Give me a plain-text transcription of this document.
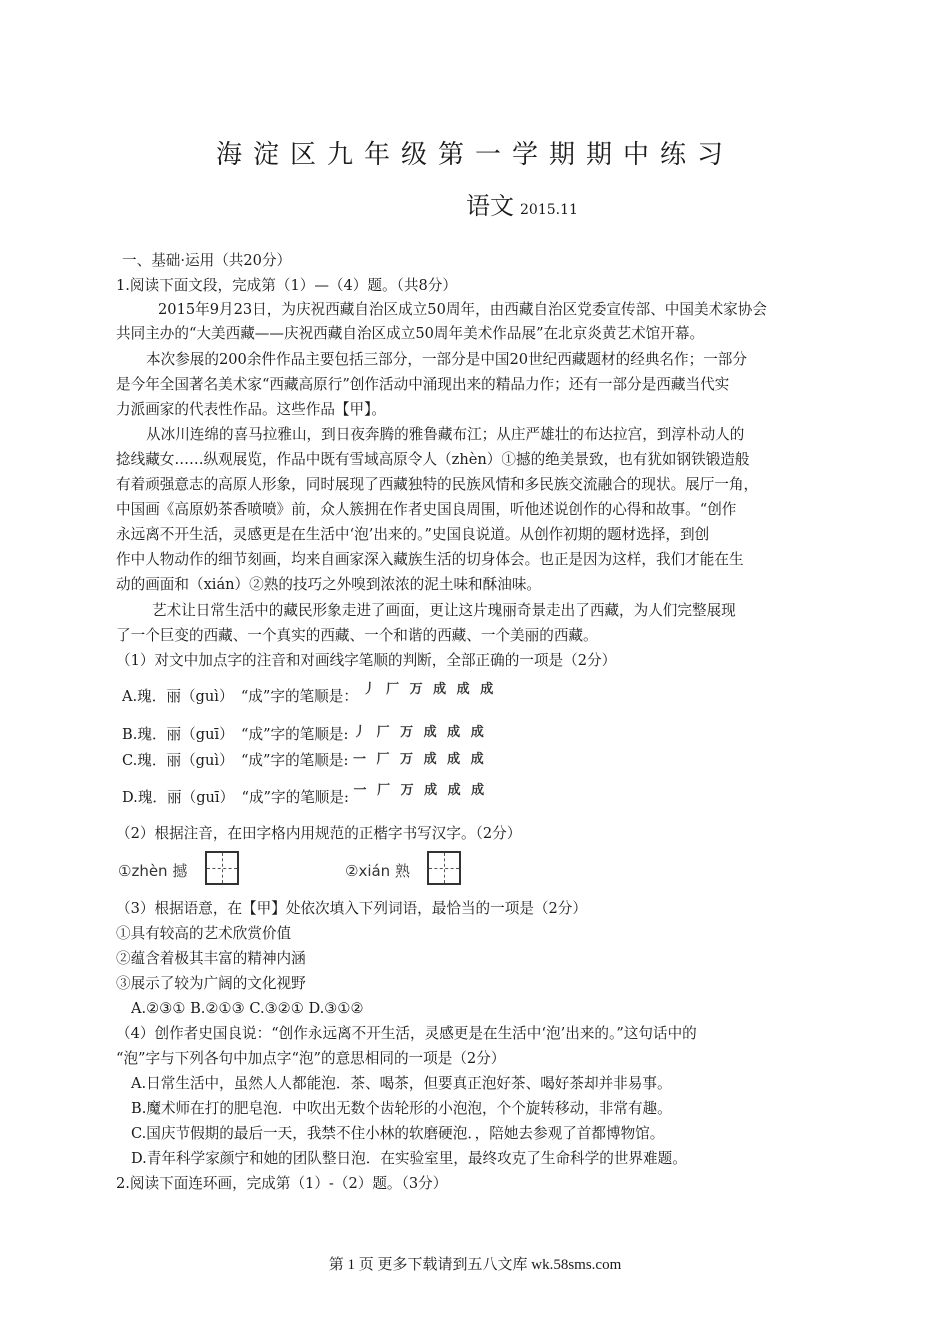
海淀区九年级第一学期期中练习
语文 2015.11
一、基础·运用（共20分）
1.阅读下面文段，完成第（1）—（4）题。（共8分）
2015年9月23日，为庆祝西藏自治区成立50周年，由西藏自治区党委宣传部、中国美术家协会
共同主办的“大美西藏——庆祝西藏自治区成立50周年美术作品展”在北京炎黄艺术馆开幕。
本次参展的200余件作品主要包括三部分，一部分是中国20世纪西藏题材的经典名作；一部分
是今年全国著名美术家“西藏高原行”创作活动中涌现出来的精品力作；还有一部分是西藏当代实
力派画家的代表性作品。这些作品【甲】。
从冰川连绵的喜马拉雅山，到日夜奔腾的雅鲁藏布江；从庄严雄壮的布达拉宫，到淳朴动人的
捻线藏女……纵观展览，作品中既有雪域高原令人（zhèn）①撼的绝美景致，也有犹如钢铁锻造般
有着顽强意志的高原人形象，同时展现了西藏独特的民族风情和多民族交流融合的现状。展厅一角，
中国画《高原奶茶香喷喷》前，众人簇拥在作者史国良周围，听他述说创作的心得和故事。“创作
永远离不开生活，灵感更是在生活中‘泡’出来的。”史国良说道。从创作初期的题材选择，到创
作中人物动作的细节刻画，均来自画家深入藏族生活的切身体会。也正是因为这样，我们才能在生
动的画面和（xián）②熟的技巧之外嗅到浓浓的泥土味和酥油味。
艺术让日常生活中的藏民形象走进了画面，更让这片瑰丽奇景走出了西藏，为人们完整展现
了一个巨变的西藏、一个真实的西藏、一个和谐的西藏、一个美丽的西藏。
（1）对文中加点字的注音和对画线字笔顺的判断，全部正确的一项是（2分）
A.瑰．丽（guì）　“成”字的笔顺是： 丿 厂 万 成 成 成
B.瑰．丽（guī）　“成”字的笔顺是: 丿 厂 万 成 成 成
C.瑰．丽（guì）　“成”字的笔顺是: 一 厂 万 成 成 成
D.瑰．丽（guī）　“成”字的笔顺是: 一 厂 万 成 成 成
（2）根据注音，在田字格内用规范的正楷字书写汉字。（2分）
①zhèn 撼	②xián 熟
（3）根据语意，在【甲】处依次填入下列词语，最恰当的一项是（2分）
①具有较高的艺术欣赏价值
②蕴含着极其丰富的精神内涵
③展示了较为广阔的文化视野
A.②③① B.②①③ C.③②① D.③①②
（4）创作者史国良说：“创作永远离不开生活，灵感更是在生活中‘泡’出来的。”这句话中的
“泡”字与下列各句中加点字“泡”的意思相同的一项是（2分）
A.日常生活中，虽然人人都能泡．茶、喝茶，但要真正泡好茶、喝好茶却并非易事。
B.魔术师在打的肥皂泡．中吹出无数个齿轮形的小泡泡，个个旋转移动，非常有趣。
C.国庆节假期的最后一天，我禁不住小林的软磨硬泡．，陪她去参观了首都博物馆。
D.青年科学家颜宁和她的团队整日泡．在实验室里，最终攻克了生命科学的世界难题。
2.阅读下面连环画，完成第（1）-（2）题。（3分）
第 1 页 更多下载请到五八文库 wk.58sms.com
